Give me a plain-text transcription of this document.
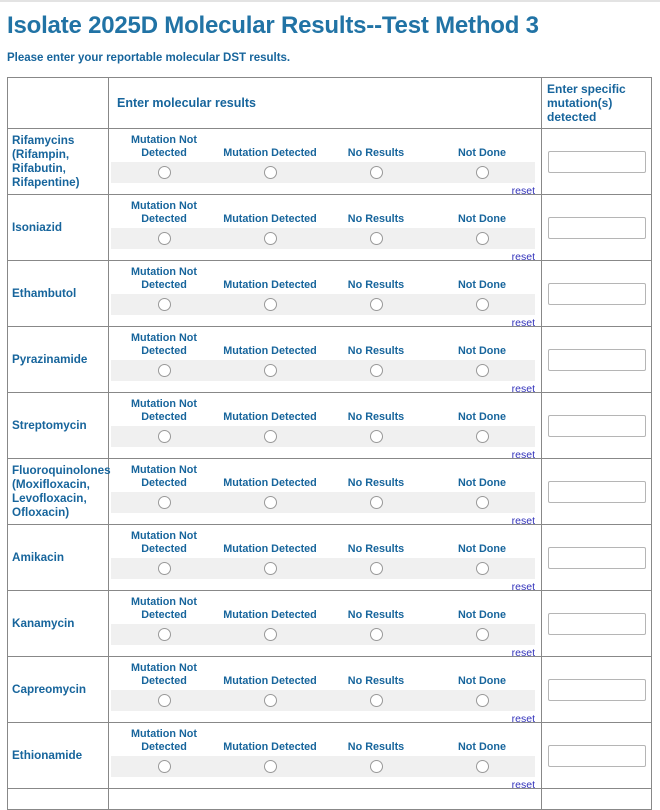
Isolate 2025D Molecular Results--Test Method 3

Please enter your reportable molecular DST results.

Enter molecular results
Enter specific mutation(s) detected
Rifamycins (Rifampin, Rifabutin, Rifapentine)
Mutation Not Detected	Mutation Detected	No Results	Not Done
reset
Isoniazid
Mutation Not Detected	Mutation Detected	No Results	Not Done
reset
Ethambutol
Mutation Not Detected	Mutation Detected	No Results	Not Done
reset
Pyrazinamide
Mutation Not Detected	Mutation Detected	No Results	Not Done
reset
Streptomycin
Mutation Not Detected	Mutation Detected	No Results	Not Done
reset
Fluoroquinolones (Moxifloxacin, Levofloxacin, Ofloxacin)
Mutation Not Detected	Mutation Detected	No Results	Not Done
reset
Amikacin
Mutation Not Detected	Mutation Detected	No Results	Not Done
reset
Kanamycin
Mutation Not Detected	Mutation Detected	No Results	Not Done
reset
Capreomycin
Mutation Not Detected	Mutation Detected	No Results	Not Done
reset
Ethionamide
Mutation Not Detected	Mutation Detected	No Results	Not Done
reset
